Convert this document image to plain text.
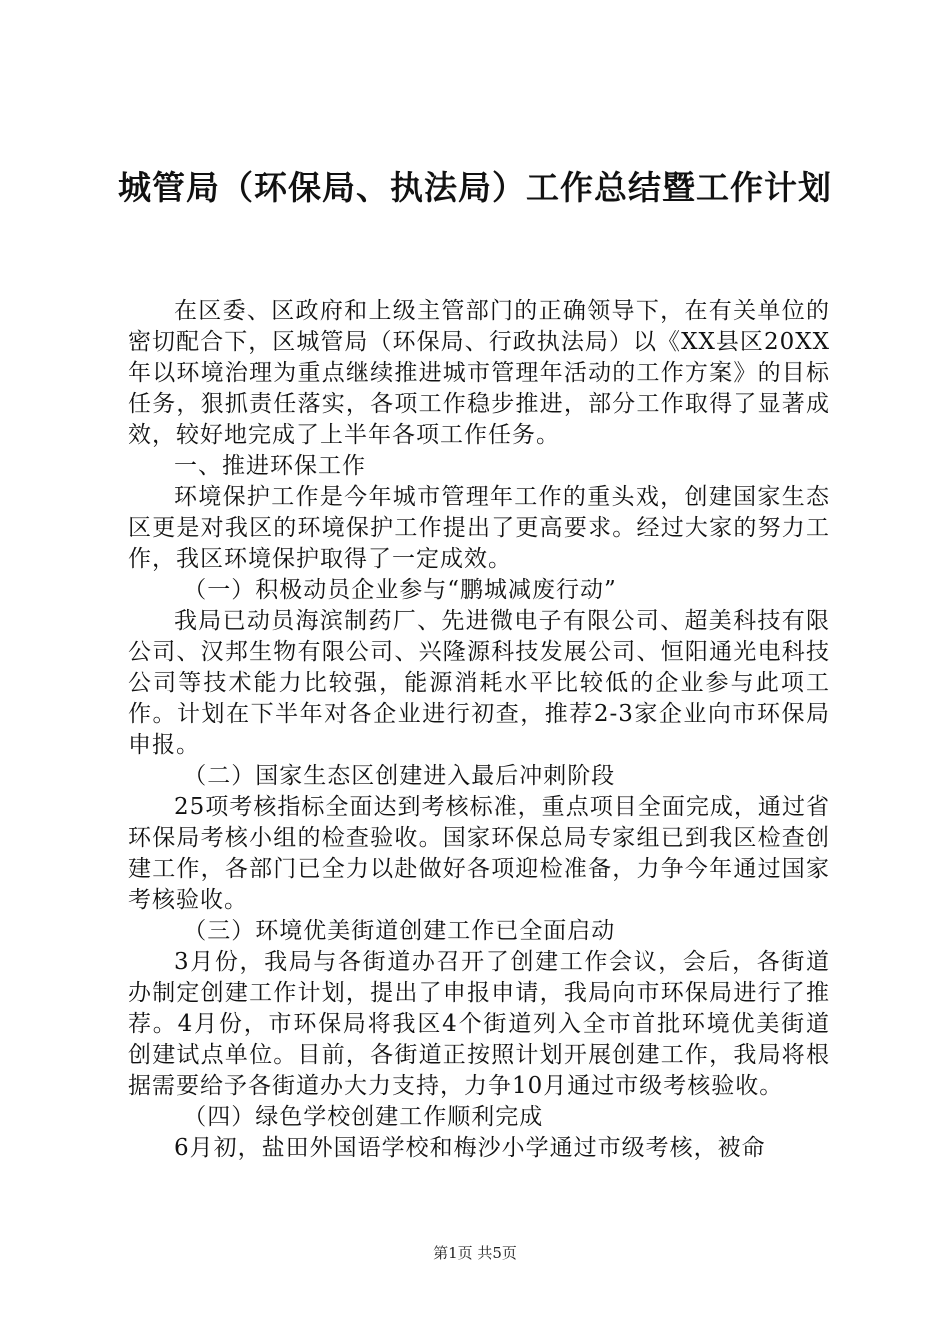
城管局（环保局、执法局）工作总结暨工作计划

在区委、区政府和上级主管部门的正确领导下，在有关单位的密切配合下，区城管局（环保局、行政执法局）以《XX县区20XX年以环境治理为重点继续推进城市管理年活动的工作方案》的目标任务，狠抓责任落实，各项工作稳步推进，部分工作取得了显著成效，较好地完成了上半年各项工作任务。

一、推进环保工作

环境保护工作是今年城市管理年工作的重头戏，创建国家生态区更是对我区的环境保护工作提出了更高要求。经过大家的努力工作，我区环境保护取得了一定成效。

（一）积极动员企业参与“鹏城减废行动”

我局已动员海滨制药厂、先进微电子有限公司、超美科技有限公司、汉邦生物有限公司、兴隆源科技发展公司、恒阳通光电科技公司等技术能力比较强，能源消耗水平比较低的企业参与此项工作。计划在下半年对各企业进行初查，推荐2-3家企业向市环保局申报。

（二）国家生态区创建进入最后冲刺阶段

25项考核指标全面达到考核标准，重点项目全面完成，通过省环保局考核小组的检查验收。国家环保总局专家组已到我区检查创建工作，各部门已全力以赴做好各项迎检准备，力争今年通过国家考核验收。

（三）环境优美街道创建工作已全面启动

3月份，我局与各街道办召开了创建工作会议，会后，各街道办制定创建工作计划，提出了申报申请，我局向市环保局进行了推荐。4月份，市环保局将我区4个街道列入全市首批环境优美街道创建试点单位。目前，各街道正按照计划开展创建工作，我局将根据需要给予各街道办大力支持，力争10月通过市级考核验收。

（四）绿色学校创建工作顺利完成

6月初，盐田外国语学校和梅沙小学通过市级考核，被命

第1页 共5页
